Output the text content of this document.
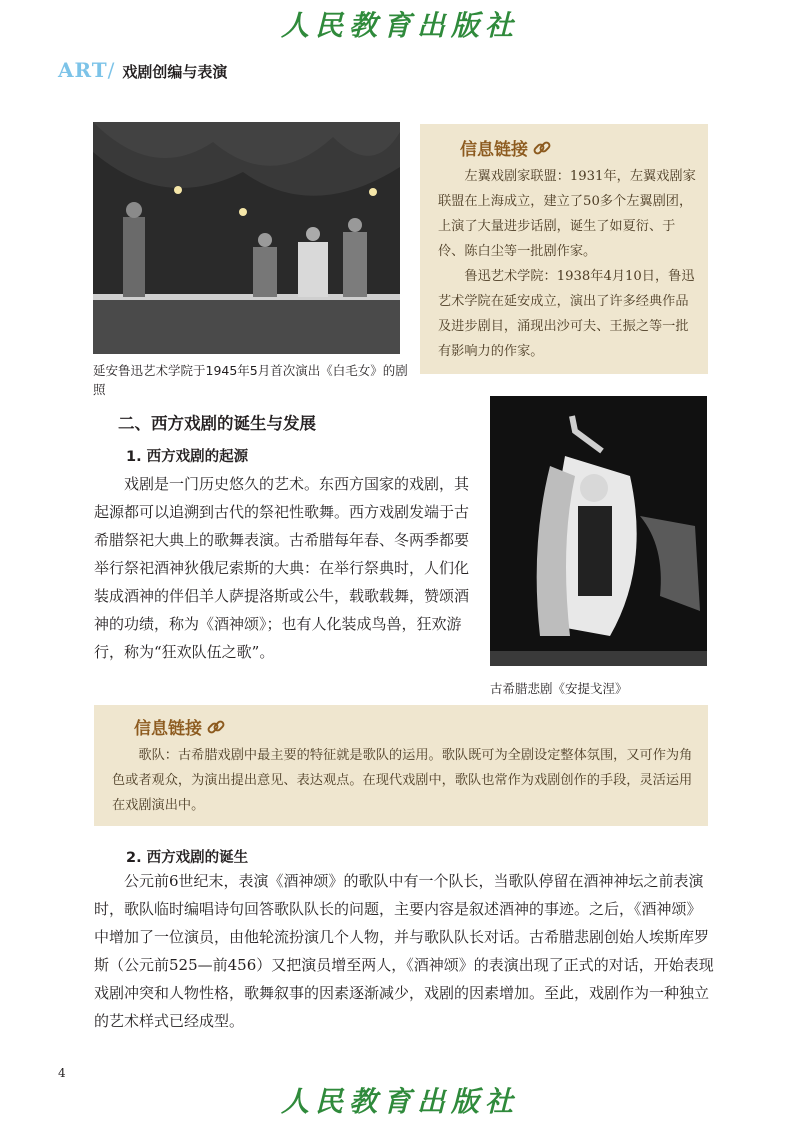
人民教育出版社
ART / 戏剧创编与表演
延安鲁迅艺术学院于1945年5月首次演出《白毛女》的剧照
信息链接

左翼戏剧家联盟：1931年，左翼戏剧家联盟在上海成立，建立了50多个左翼剧团，上演了大量进步话剧，诞生了如夏衍、于伶、陈白尘等一批剧作家。

鲁迅艺术学院：1938年4月10日，鲁迅艺术学院在延安成立，演出了许多经典作品及进步剧目，涌现出沙可夫、王振之等一批有影响力的作家。

二、西方戏剧的诞生与发展
1. 西方戏剧的起源

戏剧是一门历史悠久的艺术。东西方国家的戏剧，其起源都可以追溯到古代的祭祀性歌舞。西方戏剧发端于古希腊祭祀大典上的歌舞表演。古希腊每年春、冬两季都要举行祭祀酒神狄俄尼索斯的大典：在举行祭典时，人们化装成酒神的伴侣羊人萨提洛斯或公牛，载歌载舞，赞颂酒神的功绩，称为《酒神颂》；也有人化装成鸟兽，狂欢游行，称为“狂欢队伍之歌”。

古希腊悲剧《安提戈涅》
信息链接

歌队：古希腊戏剧中最主要的特征就是歌队的运用。歌队既可为全剧设定整体氛围，又可作为角色或者观众，为演出提出意见、表达观点。在现代戏剧中，歌队也常作为戏剧创作的手段，灵活运用在戏剧演出中。

2. 西方戏剧的诞生

公元前6世纪末，表演《酒神颂》的歌队中有一个队长，当歌队停留在酒神神坛之前表演时，歌队临时编唱诗句回答歌队队长的问题，主要内容是叙述酒神的事迹。之后，《酒神颂》中增加了一位演员，由他轮流扮演几个人物，并与歌队队长对话。古希腊悲剧创始人埃斯库罗斯（公元前525—前456）又把演员增至两人，《酒神颂》的表演出现了正式的对话，开始表现戏剧冲突和人物性格，歌舞叙事的因素逐渐减少，戏剧的因素增加。至此，戏剧作为一种独立的艺术样式已经成型。

4
人民教育出版社
